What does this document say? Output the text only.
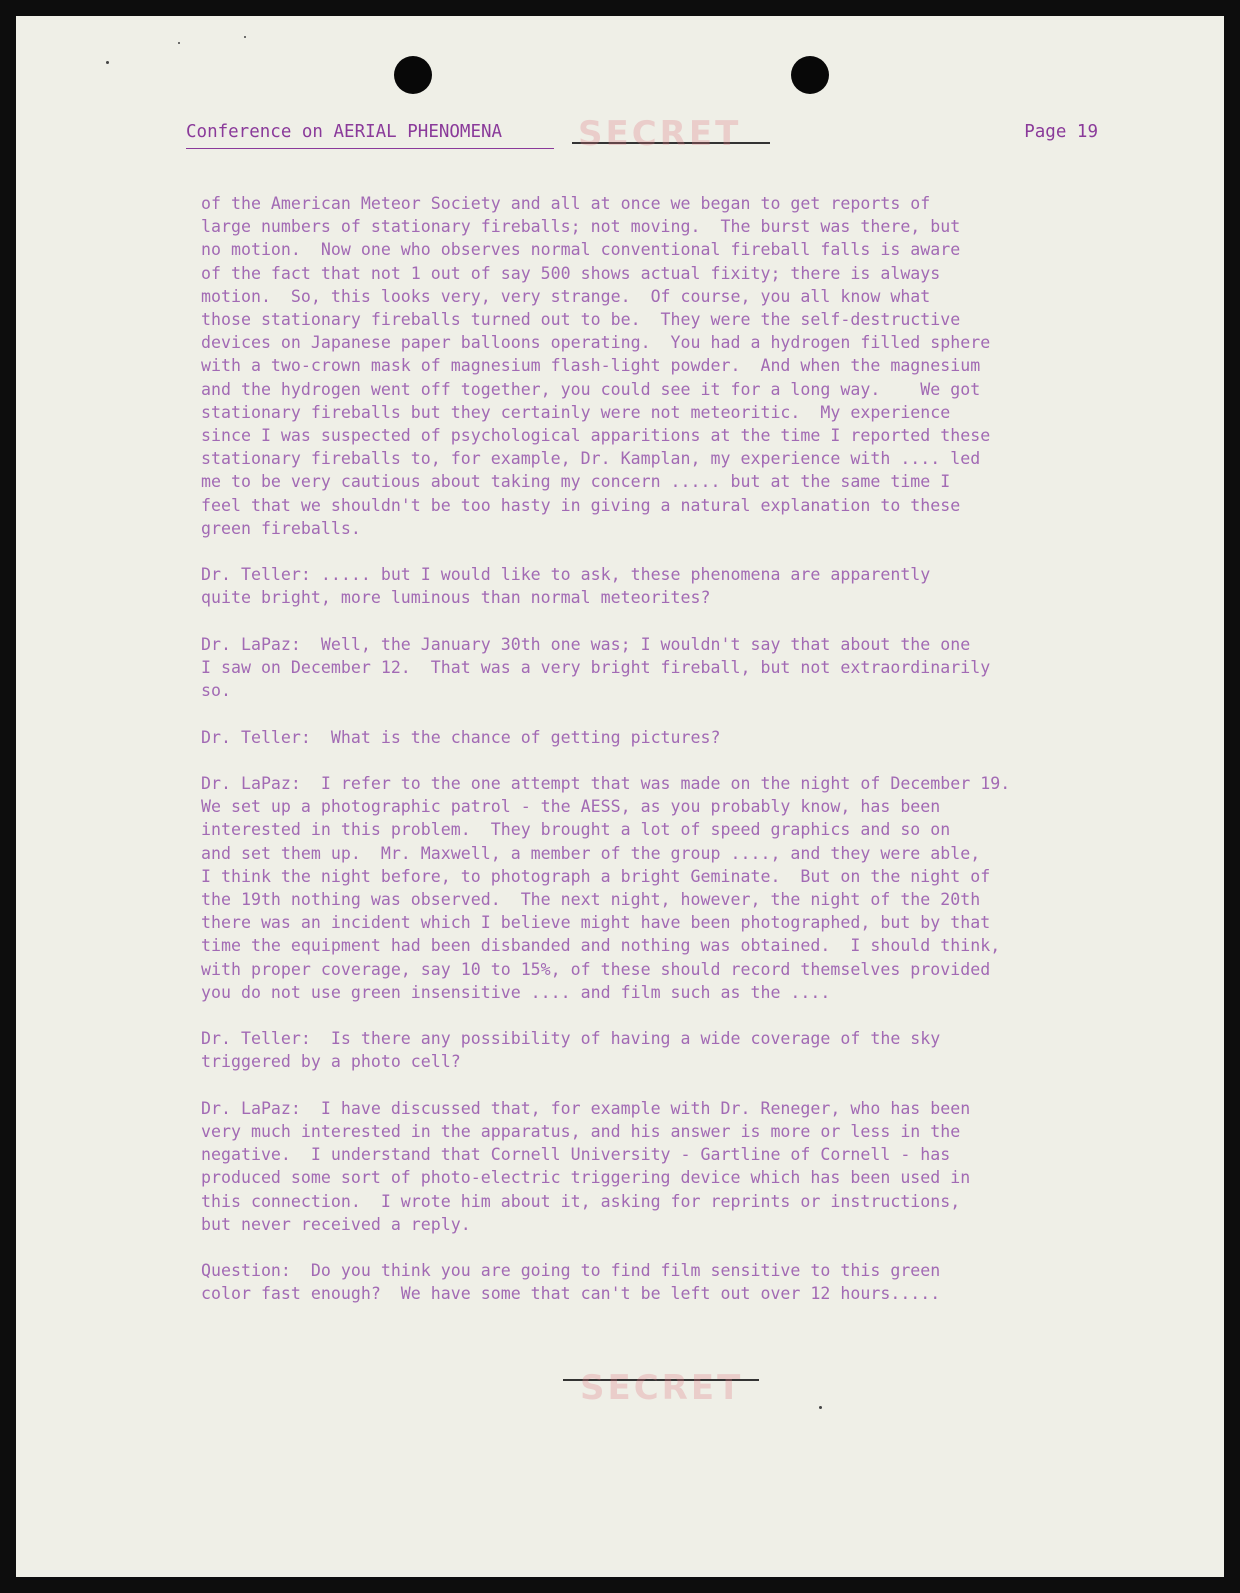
Conference on AERIAL PHENOMENA SECRET	Page 19
of the American Meteor Society and all at once we began to get reports of
large numbers of stationary fireballs; not moving.  The burst was there, but
no motion.  Now one who observes normal conventional fireball falls is aware
of the fact that not 1 out of say 500 shows actual fixity; there is always
motion.  So, this looks very, very strange.  Of course, you all know what
those stationary fireballs turned out to be.  They were the self-destructive
devices on Japanese paper balloons operating.  You had a hydrogen filled sphere
with a two-crown mask of magnesium flash-light powder.  And when the magnesium
and the hydrogen went off together, you could see it for a long way.    We got
stationary fireballs but they certainly were not meteoritic.  My experience
since I was suspected of psychological apparitions at the time I reported these
stationary fireballs to, for example, Dr. Kamplan, my experience with .... led
me to be very cautious about taking my concern ..... but at the same time I
feel that we shouldn't be too hasty in giving a natural explanation to these
green fireballs.
Dr. Teller: ..... but I would like to ask, these phenomena are apparently
quite bright, more luminous than normal meteorites?
Dr. LaPaz:  Well, the January 30th one was; I wouldn't say that about the one
I saw on December 12.  That was a very bright fireball, but not extraordinarily
so.
Dr. Teller:  What is the chance of getting pictures?
Dr. LaPaz:  I refer to the one attempt that was made on the night of December 19.
We set up a photographic patrol - the AESS, as you probably know, has been
interested in this problem.  They brought a lot of speed graphics and so on
and set them up.  Mr. Maxwell, a member of the group ...., and they were able,
I think the night before, to photograph a bright Geminate.  But on the night of
the 19th nothing was observed.  The next night, however, the night of the 20th
there was an incident which I believe might have been photographed, but by that
time the equipment had been disbanded and nothing was obtained.  I should think,
with proper coverage, say 10 to 15%, of these should record themselves provided
you do not use green insensitive .... and film such as the ....
Dr. Teller:  Is there any possibility of having a wide coverage of the sky
triggered by a photo cell?
Dr. LaPaz:  I have discussed that, for example with Dr. Reneger, who has been
very much interested in the apparatus, and his answer is more or less in the
negative.  I understand that Cornell University - Gartline of Cornell - has
produced some sort of photo-electric triggering device which has been used in
this connection.  I wrote him about it, asking for reprints or instructions,
but never received a reply.
Question:  Do you think you are going to find film sensitive to this green
color fast enough?  We have some that can't be left out over 12 hours.....
SECRET
